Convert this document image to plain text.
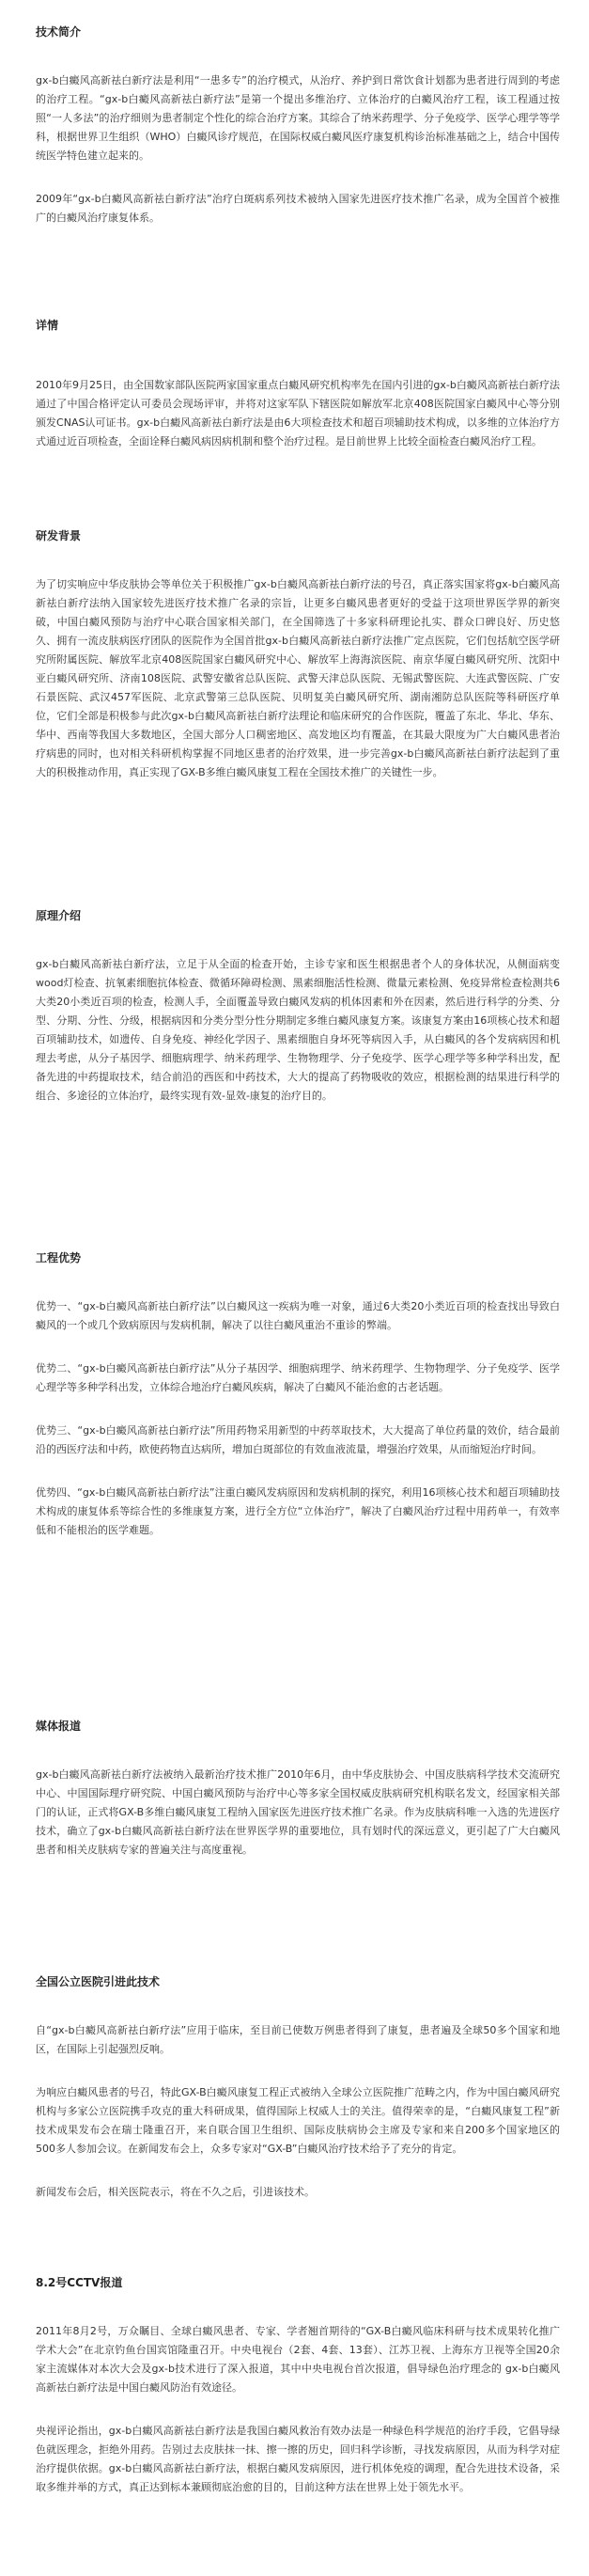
技术简介

gx-b白癜风高新祛白新疗法是利用“一患多专”的治疗模式，从治疗、养护到日常饮食计划都为患者进行周到的考虑的治疗工程。“gx-b白癜风高新祛白新疗法”是第一个提出多维治疗、立体治疗的白癜风治疗工程，该工程通过按照“一人多法”的治疗细则为患者制定个性化的综合治疗方案。其综合了纳米药理学、分子免疫学、医学心理学等学科，根据世界卫生组织（WHO）白癜风诊疗规范，在国际权威白癜风医疗康复机构诊治标准基础之上，结合中国传统医学特色建立起来的。

2009年“gx-b白癜风高新祛白新疗法”治疗白斑病系列技术被纳入国家先进医疗技术推广名录，成为全国首个被推广的白癜风治疗康复体系。

详情

2010年9月25日，由全国数家部队医院两家国家重点白癜风研究机构率先在国内引进的gx-b白癜风高新祛白新疗法通过了中国合格评定认可委员会现场评审，并将对这家军队下辖医院如解放军北京408医院国家白癜风中心等分别颁发CNAS认可证书。gx-b白癜风高新祛白新疗法是由6大项检查技术和超百项辅助技术构成，以多维的立体治疗方式通过近百项检查，全面诠释白癜风病因病机制和整个治疗过程。是目前世界上比较全面检查白癜风治疗工程。

研发背景

为了切实响应中华皮肤协会等单位关于积极推广gx-b白癜风高新祛白新疗法的号召，真正落实国家将gx-b白癜风高新祛白新疗法纳入国家较先进医疗技术推广名录的宗旨，让更多白癜风患者更好的受益于这项世界医学界的新突破，中国白癜风预防与治疗中心联合国家相关部门，在全国筛选了十多家科研理论扎实、群众口碑良好、历史悠久、拥有一流皮肤病医疗团队的医院作为全国首批gx-b白癜风高新祛白新疗法推广定点医院，它们包括航空医学研究所附属医院、解放军北京408医院国家白癜风研究中心、解放军上海海滨医院、南京华厦白癜风研究所、沈阳中亚白癜风研究所、济南108医院、武警安徽省总队医院、武警天津总队医院、无锡武警医院、大连武警医院、广安石景医院、武汉457军医院、北京武警第三总队医院、贝明复美白癜风研究所、湖南湘防总队医院等科研医疗单位，它们全部是积极参与此次gx-b白癜风高新祛白新疗法理论和临床研究的合作医院，覆盖了东北、华北、华东、华中、西南等我国大多数地区，全国大部分人口稠密地区、高发地区均有覆盖，在其最大限度为广大白癜风患者治疗病患的同时，也对相关科研机构掌握不同地区患者的治疗效果，进一步完善gx-b白癜风高新祛白新疗法起到了重大的积极推动作用，真正实现了GX-B多维白癜风康复工程在全国技术推广的关键性一步。

原理介绍

gx-b白癜风高新祛白新疗法，立足于从全面的检查开始，主诊专家和医生根据患者个人的身体状况，从侧面病变wood灯检查、抗氧素细胞抗体检查、微循环障碍检测、黑素细胞活性检测、微量元素检测、免疫异常检查检测共6大类20小类近百项的检查，检测人手，全面覆盖导致白癜风发病的机体因素和外在因素，然后进行科学的分类、分型、分期、分性、分级，根据病因和分类分型分性分期制定多维白癜风康复方案。该康复方案由16项核心技术和超百项辅助技术，如遗传、自身免疫、神经化学因子、黑素细胞自身坏死等病因入手，从白癜风的各个发病病因和机理去考虑，从分子基因学、细胞病理学、纳米药理学、生物物理学、分子免疫学、医学心理学等多种学科出发，配备先进的中药提取技术，结合前沿的西医和中药技术，大大的提高了药物吸收的效应，根据检测的结果进行科学的组合、多途径的立体治疗，最终实现有效-显效-康复的治疗目的。

工程优势

优势一、“gx-b白癜风高新祛白新疗法”以白癜风这一疾病为唯一对象，通过6大类20小类近百项的检查找出导致白癜风的一个或几个致病原因与发病机制，解决了以往白癜风重治不重诊的弊端。

优势二、“gx-b白癜风高新祛白新疗法”从分子基因学、细胞病理学、纳米药理学、生物物理学、分子免疫学、医学心理学等多种学科出发，立体综合地治疗白癜风疾病，解决了白癜风不能治愈的古老话题。

优势三、“gx-b白癜风高新祛白新疗法”所用药物采用新型的中药萃取技术，大大提高了单位药量的效价，结合最前沿的西医疗法和中药，欧使药物直达病所，增加白斑部位的有效血液流量，增强治疗效果，从而缩短治疗时间。

优势四、“gx-b白癜风高新祛白新疗法”注重白癜风发病原因和发病机制的探究，利用16项核心技术和超百项辅助技术构成的康复体系等综合性的多维康复方案，进行全方位“立体治疗”，解决了白癜风治疗过程中用药单一，有效率低和不能根治的医学难题。

媒体报道

gx-b白癜风高新祛白新疗法被纳入最新治疗技术推广2010年6月，由中华皮肤协会、中国皮肤病科学技术交流研究中心、中国国际理疗研究院、中国白癜风预防与治疗中心等多家全国权威皮肤病研究机构联名发文，经国家相关部门的认证，正式将GX-B多维白癜风康复工程纳入国家医先进医疗技术推广名录。作为皮肤病科唯一入选的先进医疗技术，确立了gx-b白癜风高新祛白新疗法在世界医学界的重要地位，具有划时代的深远意义，更引起了广大白癜风患者和相关皮肤病专家的普遍关注与高度重视。

全国公立医院引进此技术

自“gx-b白癜风高新祛白新疗法”应用于临床，至目前已使数万例患者得到了康复，患者遍及全球50多个国家和地区，在国际上引起强烈反响。

为响应白癜风患者的号召，特此GX-B白癜风康复工程正式被纳入全球公立医院推广范畴之内，作为中国白癜风研究机构与多家公立医院携手攻克的重大科研成果，值得国际上权威人士的关注。值得荣幸的是，“白癜风康复工程”新技术成果发布会在瑞士隆重召开，来自联合国卫生组织、国际皮肤病协会主席及专家和来自200多个国家地区的500多人参加会议。在新闻发布会上，众多专家对“GX-B”白癜风治疗技术给予了充分的肯定。

新闻发布会后，相关医院表示，将在不久之后，引进该技术。

8.2号CCTV报道

2011年8月2号，万众瞩目、全球白癜风患者、专家、学者翘首期待的“GX-B白癜风临床科研与技术成果转化推广学术大会”在北京钓鱼台国宾馆隆重召开。中央电视台（2套、4套、13套）、江苏卫视、上海东方卫视等全国20余家主流媒体对本次大会及gx-b技术进行了深入报道，其中中央电视台首次报道，倡导绿色治疗理念的 gx-b白癜风高新祛白新疗法是中国白癜风防治有效途径。

央视评论指出，gx-b白癜风高新祛白新疗法是我国白癜风救治有效办法是一种绿色科学规范的治疗手段，它倡导绿色就医理念，拒绝外用药。告别过去皮肤抹一抹、擦一擦的历史，回归科学诊断，寻找发病原因，从而为科学对症治疗提供依据。gx-b白癜风高新祛白新疗法，根据白癜风发病原因，进行机体免疫的调理，配合先进技术设备，采取多维并举的方式，真正达到标本兼顾彻底治愈的目的，目前这种方法在世界上处于领先水平。
